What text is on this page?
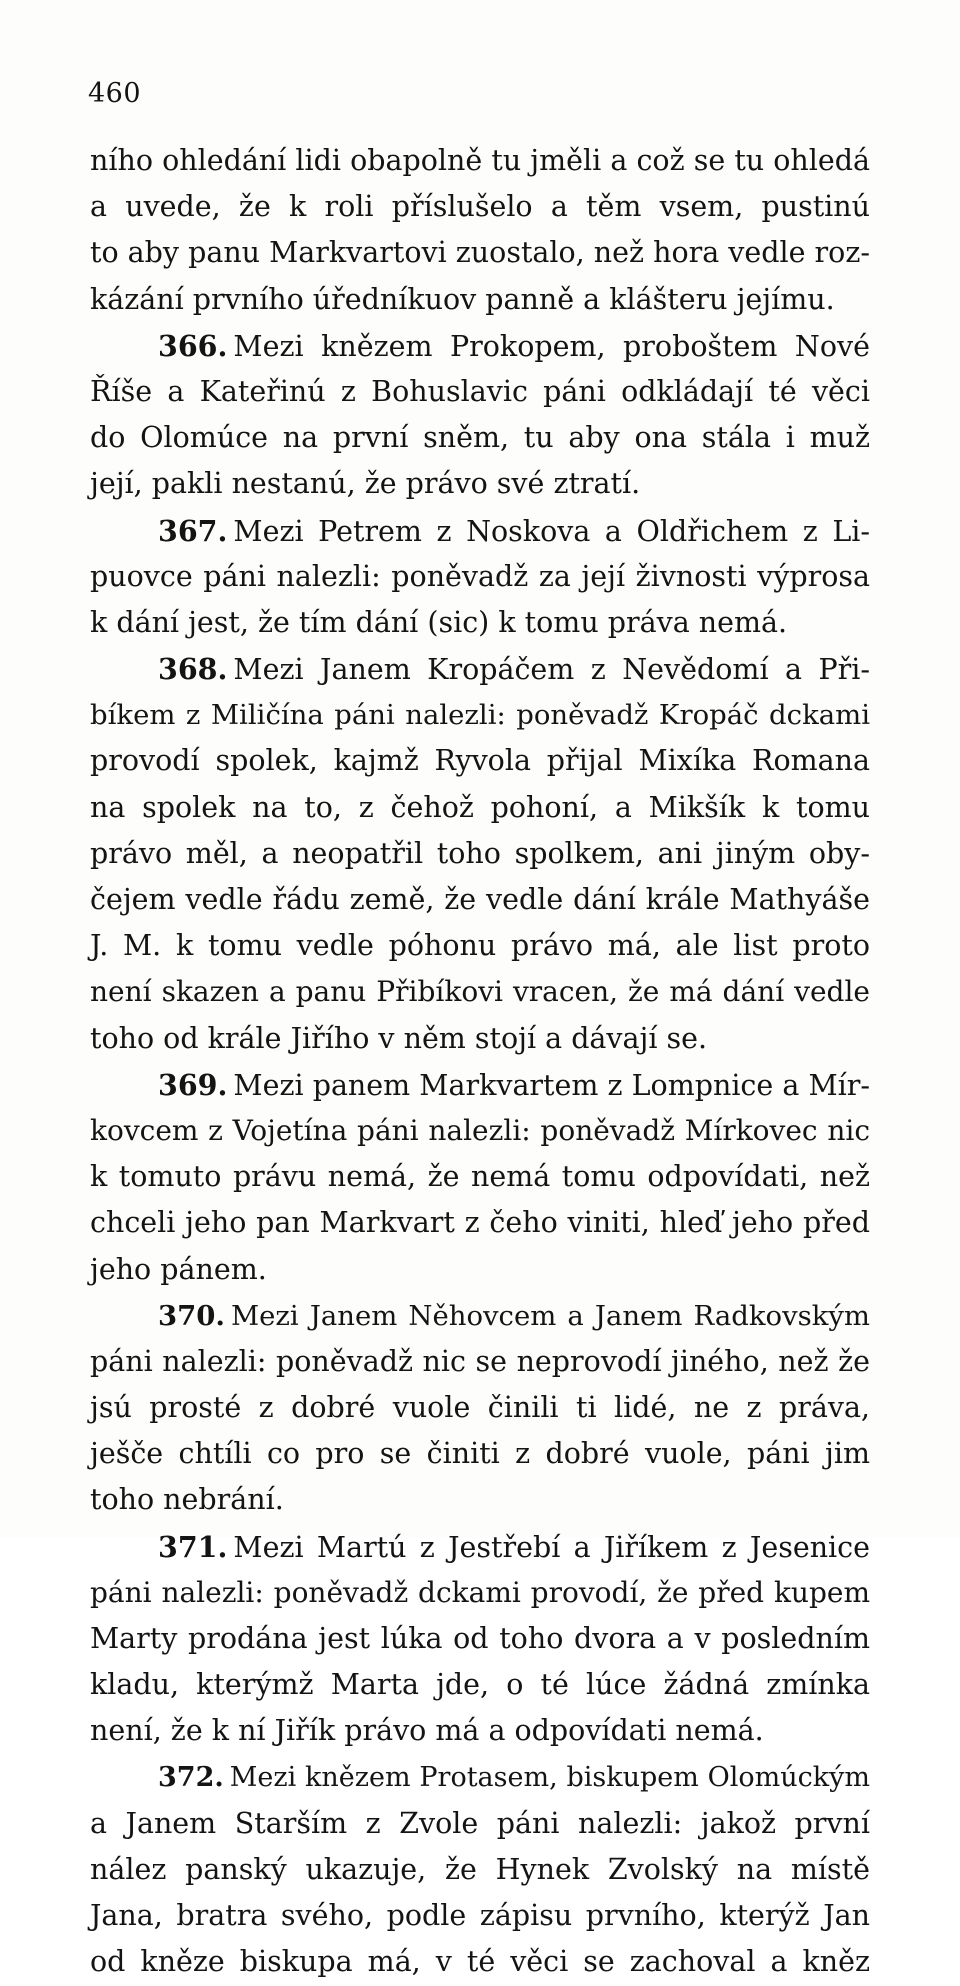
460
ního ohledání lidi obapolně tu jměli a což se tu ohledá
a uvede, že k roli příslušelo a těm vsem, pustinú
to aby panu Markvartovi zuostalo, než hora vedle roz-
kázání prvního úředníkuov panně a klášteru jejímu.
366. Mezi knězem Prokopem, proboštem Nové
Říše a Kateřinú z Bohuslavic páni odkládají té věci
do Olomúce na první sněm, tu aby ona stála i muž
její, pakli nestanú, že právo své ztratí.
367. Mezi Petrem z Noskova a Oldřichem z Li-
puovce páni nalezli: poněvadž za její živnosti výprosa
k dání jest, že tím dání (sic) k tomu práva nemá.
368. Mezi Janem Kropáčem z Nevědomí a Při-
bíkem z Miličína páni nalezli: poněvadž Kropáč dckami
provodí spolek, kajmž Ryvola přijal Mixíka Romana
na spolek na to, z čehož pohoní, a Mikšík k tomu
právo měl, a neopatřil toho spolkem, ani jiným oby-
čejem vedle řádu země, že vedle dání krále Mathyáše
J. M. k tomu vedle póhonu právo má, ale list proto
není skazen a panu Přibíkovi vracen, že má dání vedle
toho od krále Jiřího v něm stojí a dávají se.
369. Mezi panem Markvartem z Lompnice a Mír-
kovcem z Vojetína páni nalezli: poněvadž Mírkovec nic
k tomuto právu nemá, že nemá tomu odpovídati, než
chceli jeho pan Markvart z čeho viniti, hleď jeho před
jeho pánem.
370. Mezi Janem Něhovcem a Janem Radkovským
páni nalezli: poněvadž nic se neprovodí jiného, než že
jsú prosté z dobré vuole činili ti lidé, ne z práva,
ješče chtíli co pro se činiti z dobré vuole, páni jim
toho nebrání.
371. Mezi Martú z Jestřebí a Jiříkem z Jesenice
páni nalezli: poněvadž dckami provodí, že před kupem
Marty prodána jest lúka od toho dvora a v posledním
kladu, kterýmž Marta jde, o té lúce žádná zmínka
není, že k ní Jiřík právo má a odpovídati nemá.
372. Mezi knězem Protasem, biskupem Olomúckým
a Janem Starším z Zvole páni nalezli: jakož první
nález panský ukazuje, že Hynek Zvolský na místě
Jana, bratra svého, podle zápisu prvního, kterýž Jan
od kněze biskupa má, v té věci se zachoval a kněz
